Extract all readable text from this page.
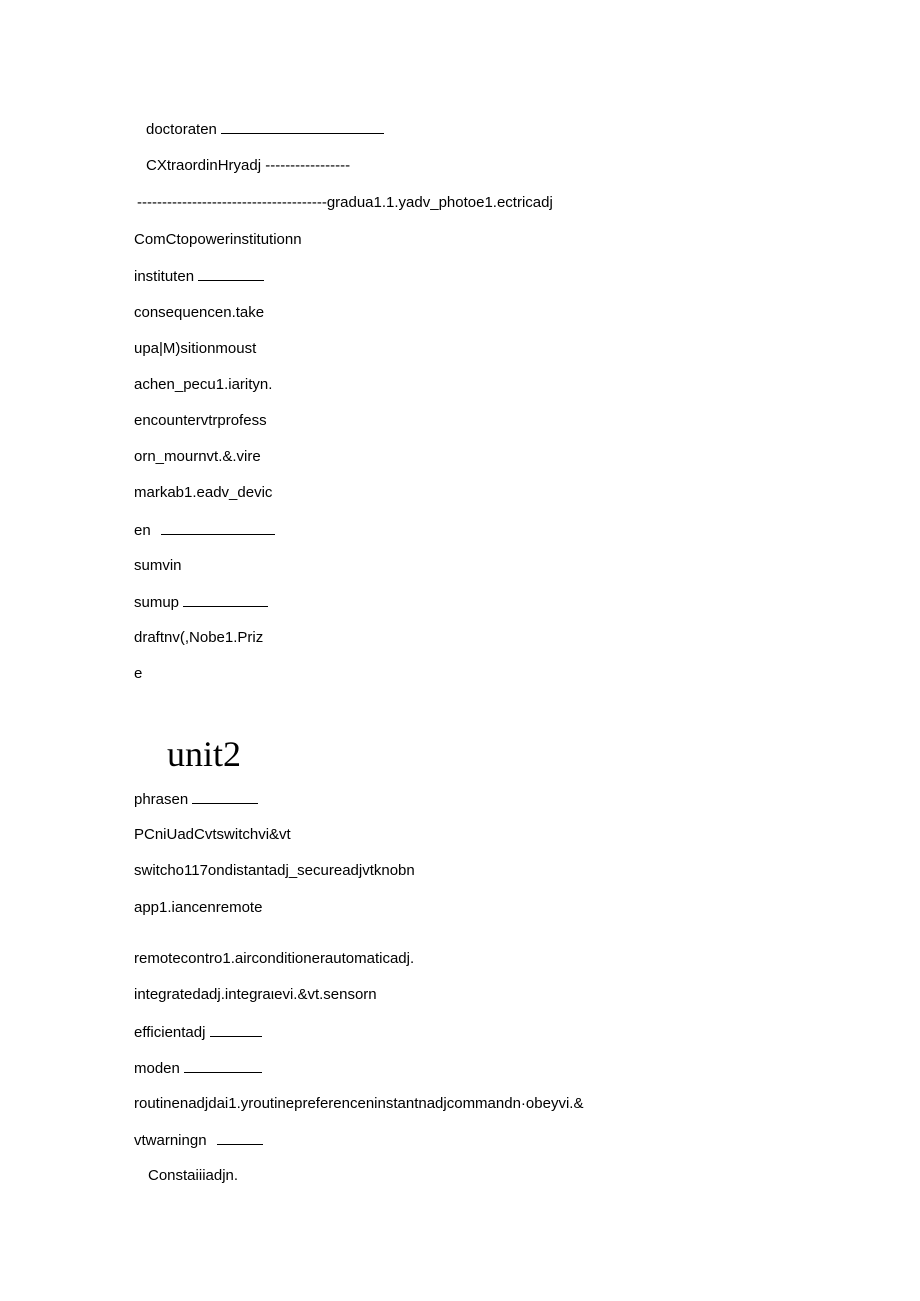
doctoraten
CXtraordinHryadj -----------------
--------------------------------------gradua1.1.yadv_photoe1.ectricadj
ComCtopowerinstitutionn
instituten
consequencen.take
upa|M)sitionmoust
achen_pecu1.iarityn.
encountervtrprofess
orn_mournvt.&.vire
markab1.eadv_devic
en
sumvin
sumup
draftnv(,Nobe1.Priz
e
unit2
phrasen
PCniUadCvtswitchvi&vt
switcho117ondistantadj_secureadjvtknobn
app1.iancenremote
remotecontro1.airconditionerautomaticadj.
integratedadj.integraιevi.&vt.sensorn
efficientadj
moden
routinenadjdai1.yroutinepreferenceninstantnadjcommandn·obeyvi.&
vtwarningn
Constaiiiadjn.
